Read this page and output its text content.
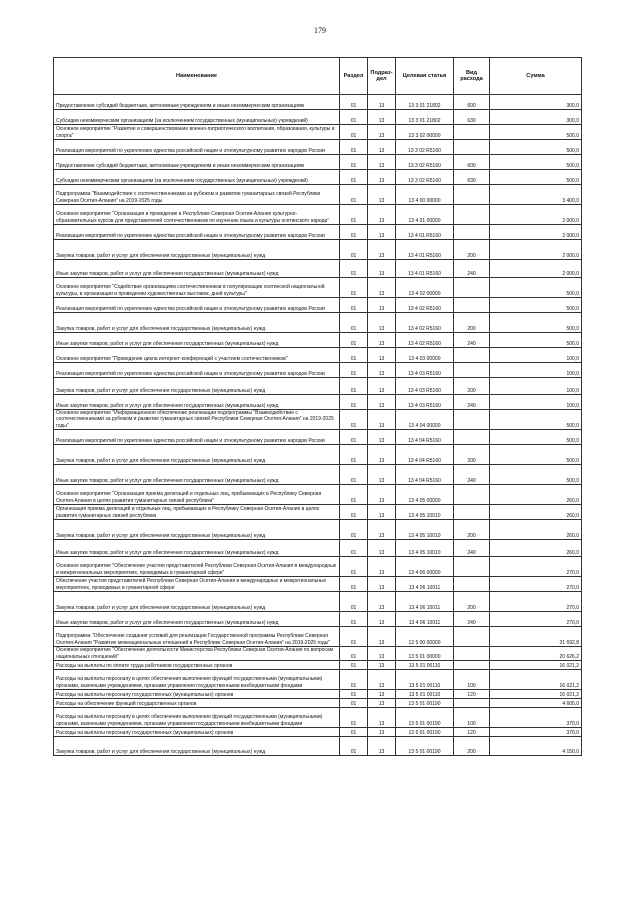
179
Наименование	Раздел	Подраз-дел	Целевая статья	Вид расхода	Сумма
Предоставление субсидий бюджетным, автономным учреждениям и иным некоммерческим организациям	01	13	13 3 01 21802	600	300,0
Субсидии некоммерческим организациям (за исключением государственных (муниципальных) учреждений)	01	13	13 3 01 21802	630	300,0
Основное мероприятие "Развитие и совершенствование военно-патриотического воспитания, образования, культуры и спорта"	01	13	13 3 02 00000		500,0
Реализация мероприятий по укреплению единства российской нации и этнокультурному развитию народов России	01	13	13 3 02 R5160		500,0
Предоставление субсидий бюджетным, автономным учреждениям и иным некоммерческим организациям	01	13	13 3 02 R5160	600	500,0
Субсидии некоммерческим организациям (за исключением государственных (муниципальных) учреждений)	01	13	13 3 02 R5160	630	500,0
Подпрограмма "Взаимодействие с соотечественниками за рубежом и развитие гуманитарных связей Республики Северная Осетия-Алания" на 2019-2025 годы	01	13	13 4 00 00000		3 400,0
Основное мероприятие "Организация и проведение в Республике Северная Осетия-Алания культурно-образовательных курсов для представителей соотечественников по изучению языка и культуры осетинского народа"	01	13	13 4 01 00000		2 000,0
Реализация мероприятий по укреплению единства российской нации и этнокультурному развитию народов России	01	13	13 4 01 R5160		2 000,0
Закупка товаров, работ и услуг для обеспечения государственных (муниципальных) нужд	01	13	13 4 01 R5160	200	2 000,0
Иные закупки товаров, работ и услуг для обеспечения государственных (муниципальных) нужд	01	13	13 4 01 R5160	240	2 000,0
Основное мероприятие "Содействие организациям соотечественников в популяризации осетинской национальной культуры, в организации и проведении художественных выставок, дней культуры"	01	13	13 4 02 00000		500,0
Реализация мероприятий по укреплению единства российской нации и этнокультурному развитию народов России	01	13	13 4 02 R5160		500,0
Закупка товаров, работ и услуг для обеспечения государственных (муниципальных) нужд	01	13	13 4 02 R5160	200	500,0
Иные закупки товаров, работ и услуг для обеспечения государственных (муниципальных) нужд	01	13	13 4 02 R5160	240	500,0
Основное мероприятие "Проведение цикла интернет-конференций с участием соотечественников"	01	13	13 4 03 00000		100,0
Реализация мероприятий по укреплению единства российской нации и этнокультурному развитию народов России	01	13	13 4 03 R5160		100,0
Закупка товаров, работ и услуг для обеспечения государственных (муниципальных) нужд	01	13	13 4 03 R5160	200	100,0
Иные закупки товаров, работ и услуг для обеспечения государственных (муниципальных) нужд	01	13	13 4 03 R5160	240	100,0
Основное мероприятие "Информационное обеспечение реализации подпрограммы "Взаимодействие с соотечественниками за рубежом и развитие гуманитарных связей Республики Северная Осетия-Алания" на 2019-2025 годы"	01	13	13 4 04 00000		500,0
Реализация мероприятий по укреплению единства российской нации и этнокультурному развитию народов России	01	13	13 4 04 R5160		500,0
Закупка товаров, работ и услуг для обеспечения государственных (муниципальных) нужд	01	13	13 4 04 R5160	200	500,0
Иные закупки товаров, работ и услуг для обеспечения государственных (муниципальных) нужд	01	13	13 4 04 R5160	240	500,0
Основное мероприятие "Организация приема делегаций и отдельных лиц, прибывающих в Республику Северная Осетия-Алания в целях развития гуманитарных связей республики"	01	13	13 4 05 00000		260,0
Организация приема делегаций и отдельных лиц, прибывающих в Республику Северная Осетия-Алания в целях развития гуманитарных связей республики	01	13	13 4 05 10010		260,0
Закупка товаров, работ и услуг для обеспечения государственных (муниципальных) нужд	01	13	13 4 05 10010	200	260,0
Иные закупки товаров, работ и услуг для обеспечения государственных (муниципальных) нужд	01	13	13 4 05 10010	240	260,0
Основное мероприятие "Обеспечение участия представителей Республики Северная Осетия-Алания в международных и межрегиональных мероприятиях, проводимых в гуманитарной сфере"	01	13	13 4 06 00000		270,0
Обеспечение участия представителей Республики Северная Осетия-Алания в международных и межрегиональных мероприятиях, проводимых в гуманитарной сфере	01	13	13 4 06 10011		270,0
Закупка товаров, работ и услуг для обеспечения государственных (муниципальных) нужд	01	13	13 4 06 10011	200	270,0
Иные закупки товаров, работ и услуг для обеспечения государственных (муниципальных) нужд	01	13	13 4 06 10011	240	270,0
Подпрограмма "Обеспечение создания условий для реализации Государственной программы Республики Северная Осетия-Алания "Развитие межнациональных отношений в Республике Северная Осетия-Алания" на 2019-2025 годы"	01	13	13 5 00 00000		31 692,8
Основное мероприятие "Обеспечение деятельности Министерства Республики Северная Осетия-Алания по вопросам национальных отношений"	01	13	13 5 01 00000		20 626,2
Расходы на выплаты по оплате труда работников государственных органов	01	13	13 5 01 00110		16 021,2
Расходы на выплаты персоналу в целях обеспечения выполнения функций государственными (муниципальными) органами, казенными учреждениями, органами управления государственными внебюджетными фондами	01	13	13 5 01 00110	100	16 021,2
Расходы на выплаты персоналу государственных (муниципальных) органов	01	13	13 5 01 00110	120	16 021,2
Расходы на обеспечение функций государственных органов	01	13	13 5 01 00190		4 605,0
Расходы на выплаты персоналу в целях обеспечения выполнения функций государственными (муниципальными) органами, казенными учреждениями, органами управления государственными внебюджетными фондами	01	13	13 5 01 00190	100	370,0
Расходы на выплаты персоналу государственных (муниципальных) органов	01	13	13 5 01 00190	120	370,0
Закупка товаров, работ и услуг для обеспечения государственных (муниципальных) нужд	01	13	13 5 01 00190	200	4 150,0
